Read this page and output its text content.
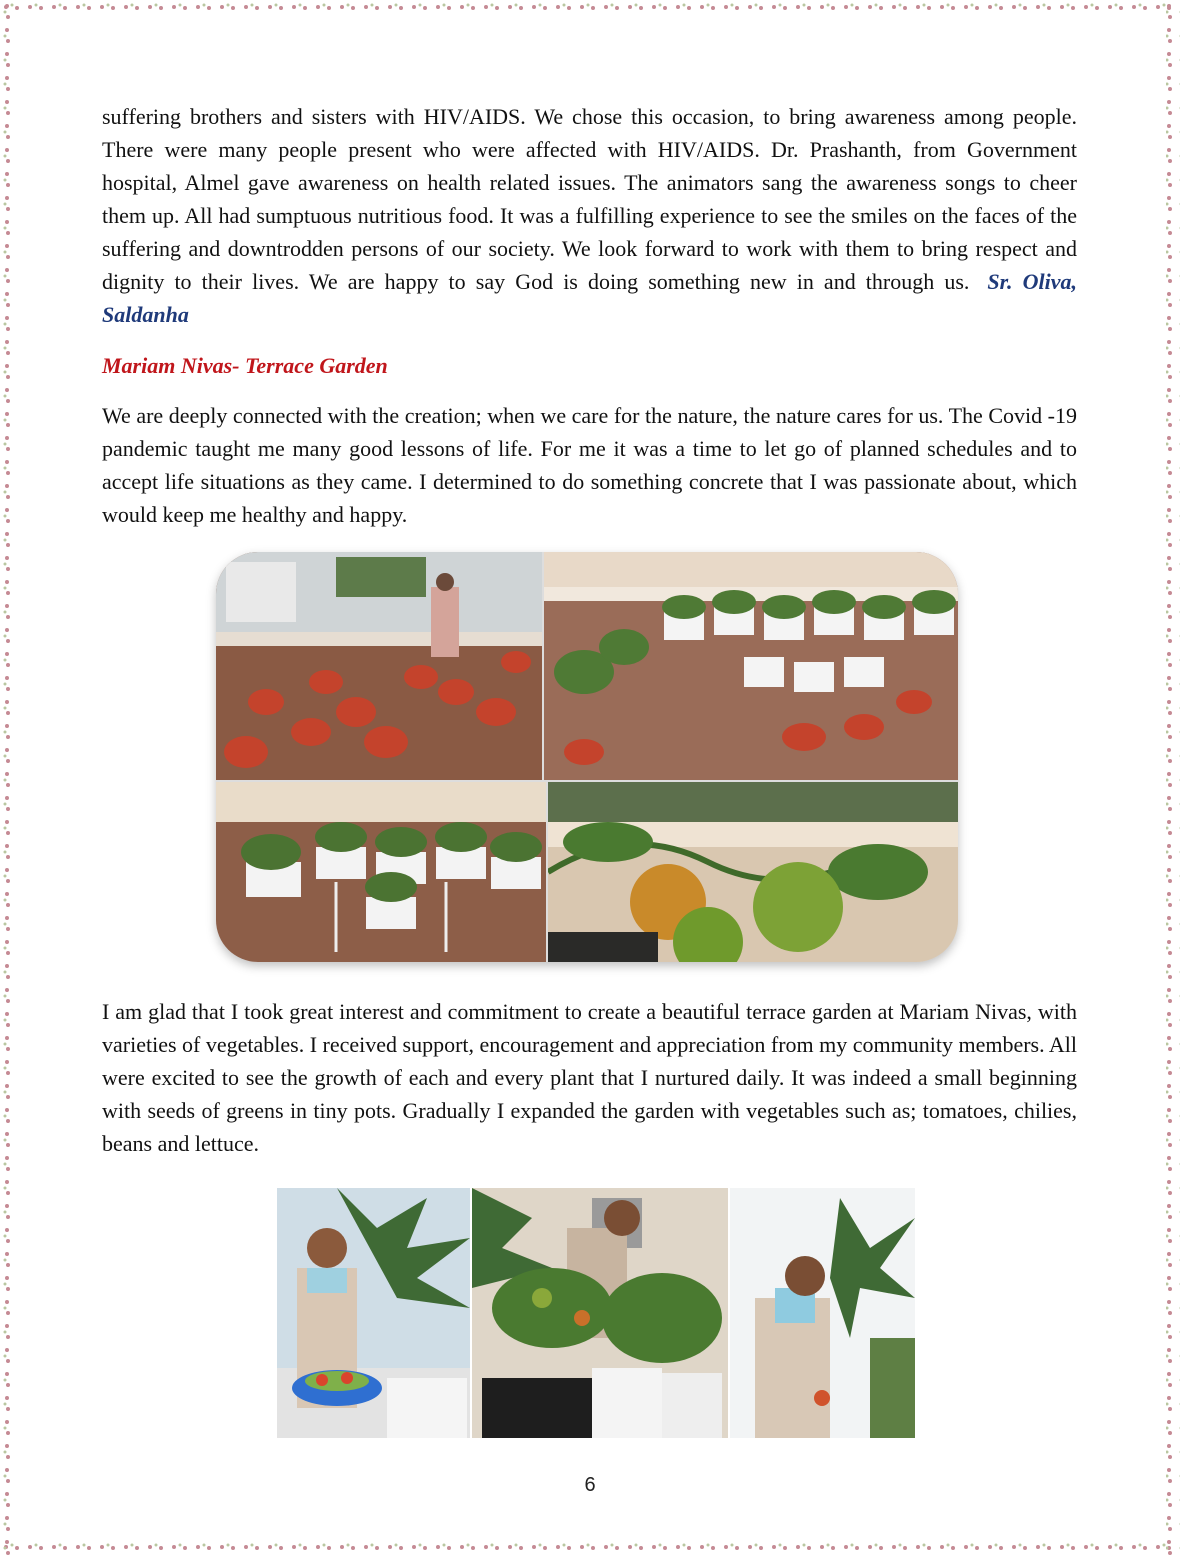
suffering brothers and sisters with HIV/AIDS. We chose this occasion, to bring awareness among people. There were many people present who were affected with HIV/AIDS. Dr. Prashanth, from Government hospital, Almel gave awareness on health related issues. The animators sang the awareness songs to cheer them up. All had sumptuous nutritious food. It was a fulfilling experience to see the smiles on the faces of the suffering and downtrodden persons of our society. We look forward to work with them to bring respect and dignity to their lives. We are happy to say God is doing something new in and through us. Sr. Oliva, Saldanha

Mariam Nivas- Terrace Garden

We are deeply connected with the creation; when we care for the nature, the nature cares for us. The Covid -19 pandemic taught me many good lessons of life. For me it was a time to let go of planned schedules and to accept life situations as they came. I determined to do something concrete that I was passionate about, which would keep me healthy and happy.

I am glad that I took great interest and commitment to create a beautiful terrace garden at Mariam Nivas, with varieties of vegetables. I received support, encouragement and appreciation from my community members. All were excited to see the growth of each and every plant that I nurtured daily. It was indeed a small beginning with seeds of greens in tiny pots. Gradually I expanded the garden with vegetables such as; tomatoes, chilies, beans and lettuce.

6
